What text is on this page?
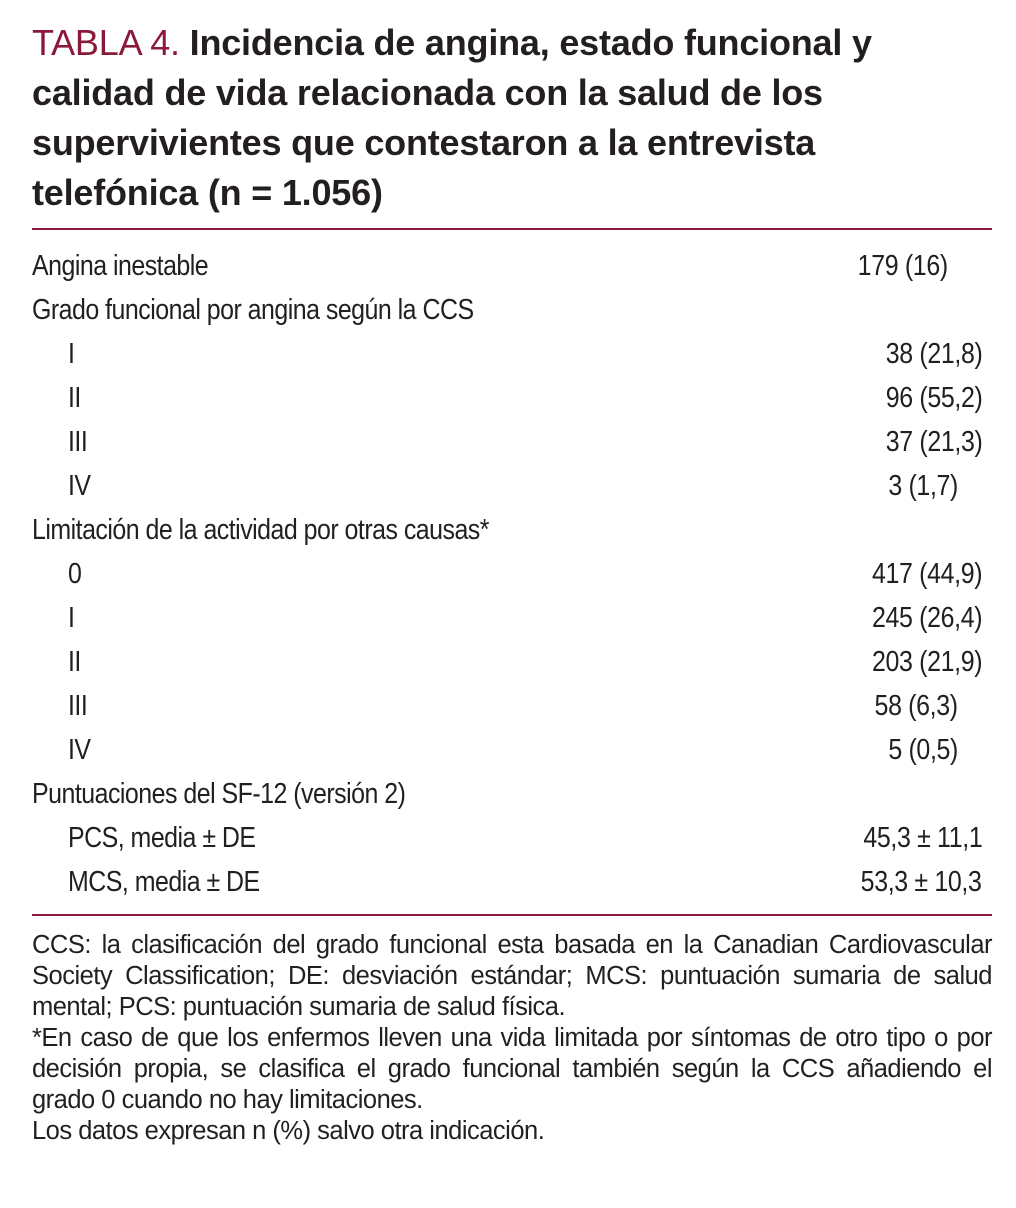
TABLA 4. Incidencia de angina, estado funcional y calidad de vida relacionada con la salud de los supervivientes que contestaron a la entrevista telefónica (n = 1.056)
Angina inestable	179 (16)
Grado funcional por angina según la CCS
I	38 (21,8)
II	96 (55,2)
III	37 (21,3)
IV	3 (1,7)
Limitación de la actividad por otras causas*
0	417 (44,9)
I	245 (26,4)
II	203 (21,9)
III	58 (6,3)
IV	5 (0,5)
Puntuaciones del SF-12 (versión 2)
PCS, media ± DE	45,3 ± 11,1
MCS, media ± DE	53,3 ± 10,3

CCS: la clasificación del grado funcional esta basada en la Canadian Cardiovascular Society Classification; DE: desviación estándar; MCS: puntuación sumaria de salud mental; PCS: puntuación sumaria de salud física.

*En caso de que los enfermos lleven una vida limitada por síntomas de otro tipo o por decisión propia, se clasifica el grado funcional también según la CCS añadiendo el grado 0 cuando no hay limitaciones.

Los datos expresan n (%) salvo otra indicación.
